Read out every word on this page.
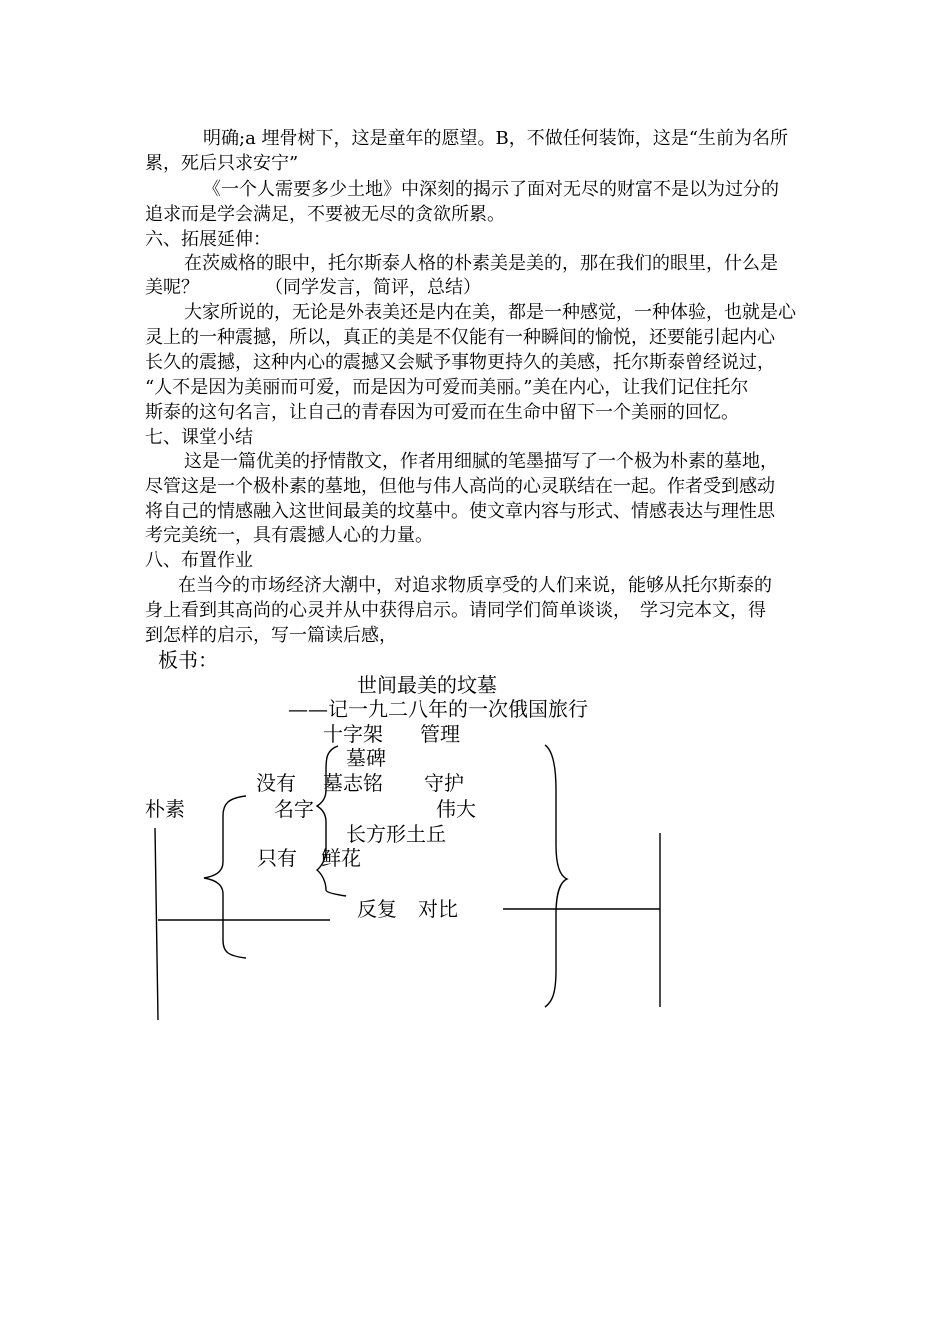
明确;a 埋骨树下，这是童年的愿望。B，不做任何装饰，这是“生前为名所
累，死后只求安宁”
《一个人需要多少土地》中深刻的揭示了面对无尽的财富不是以为过分的
追求而是学会满足，不要被无尽的贪欲所累。
六、拓展延伸：
在茨威格的眼中，托尔斯泰人格的朴素美是美的，那在我们的眼里，什么是
美呢？	（同学发言，简评，总结）
大家所说的，无论是外表美还是内在美，都是一种感觉，一种体验，也就是心
灵上的一种震撼，所以，真正的美是不仅能有一种瞬间的愉悦，还要能引起内心
长久的震撼，这种内心的震撼又会赋予事物更持久的美感，托尔斯泰曾经说过，
“人不是因为美丽而可爱，而是因为可爱而美丽。”美在内心，让我们记住托尔
斯泰的这句名言，让自己的青春因为可爱而在生命中留下一个美丽的回忆。
七、课堂小结
这是一篇优美的抒情散文，作者用细腻的笔墨描写了一个极为朴素的墓地，
尽管这是一个极朴素的墓地，但他与伟人高尚的心灵联结在一起。作者受到感动
将自己的情感融入这世间最美的坟墓中。使文章内容与形式、情感表达与理性思
考完美统一，具有震撼人心的力量。
八、布置作业
在当今的市场经济大潮中，对追求物质享受的人们来说，能够从托尔斯泰的
身上看到其高尚的心灵并从中获得启示。请同学们简单谈谈，　学习完本文，得
到怎样的启示，写一篇读后感，
板书：
世间最美的坟墓
——记一九二八年的一次俄国旅行
十字架 管理
墓碑
没有 墓志铭 守护
朴素	名字	伟大
长方形土丘
只有 鲜花
反复 对比
